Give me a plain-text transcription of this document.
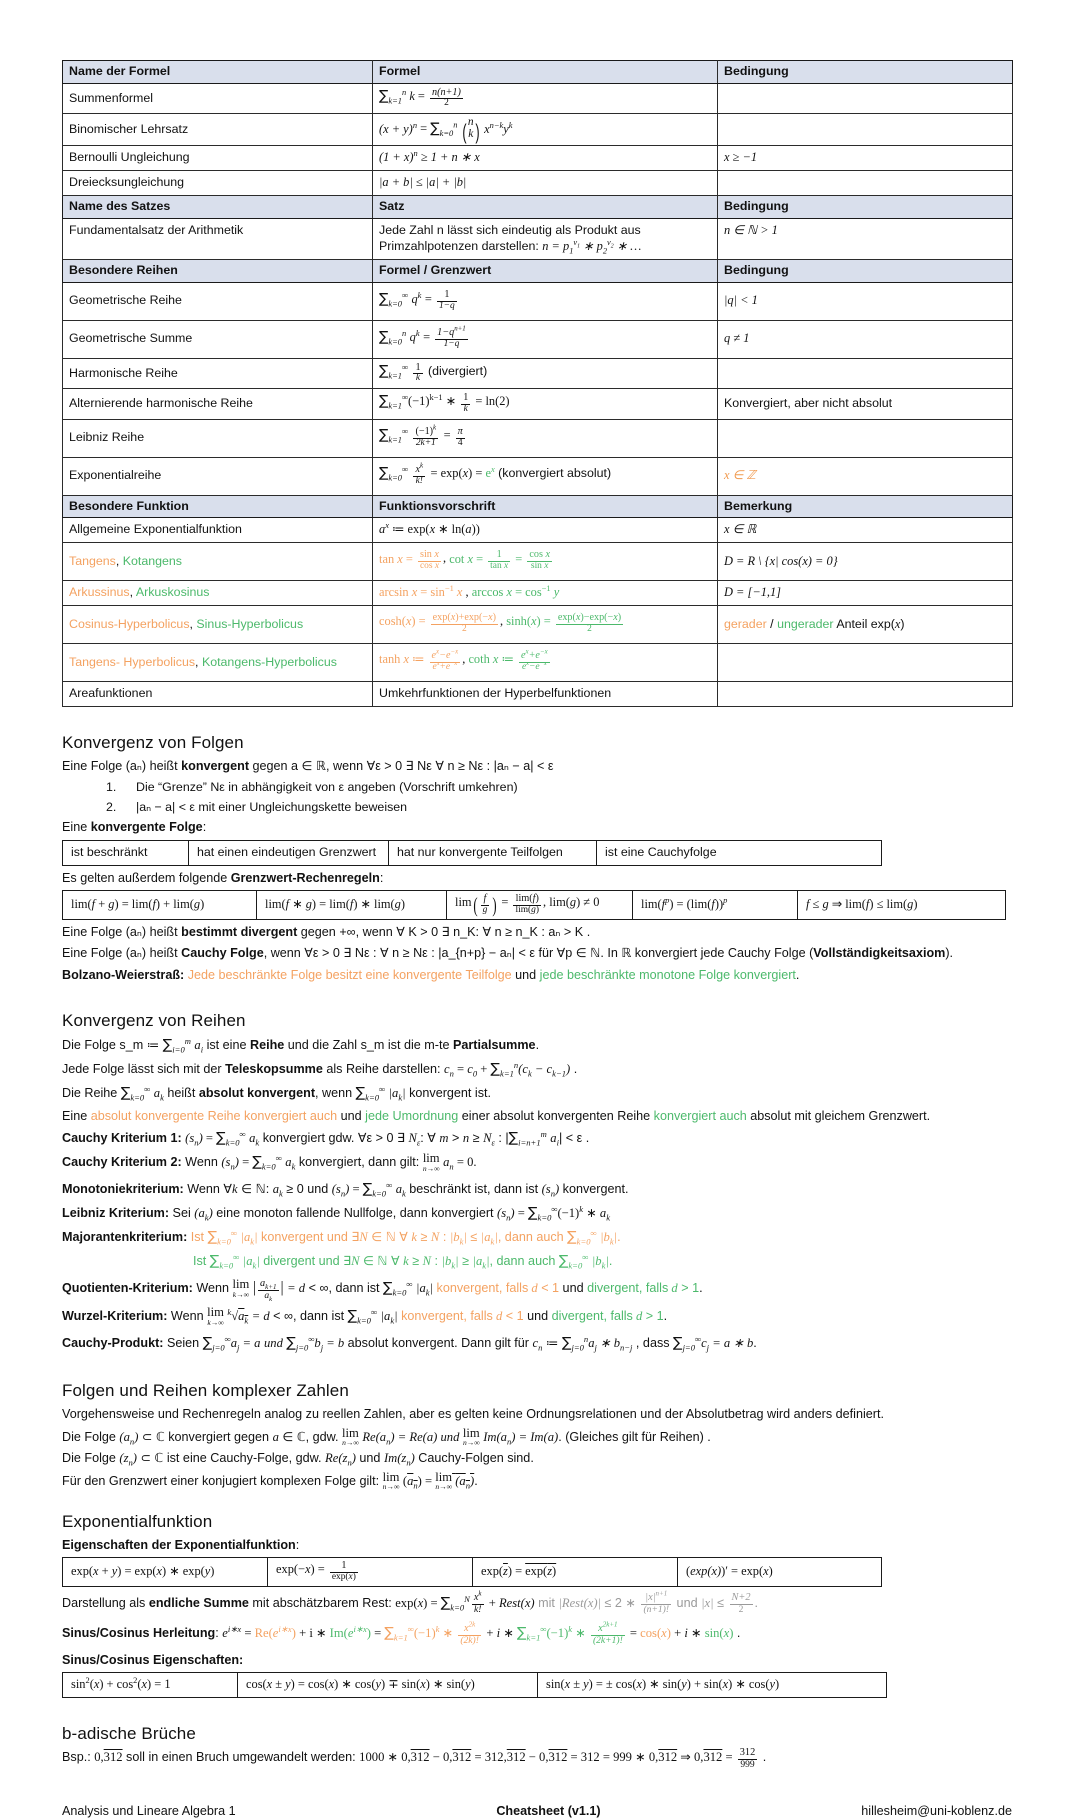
Name der Formel	Formel	Bedingung
Summenformel	$\sum_{k=1}^n$ $k = \frac{n(n+1)}{2}$

Binomischer Lehrsatz	$(x + y)^n = \sum_{k=0}^n$ ( n
k ) $x^{n-k}y^k$	
Bernoulli Ungleichung	$(1 + x)^n \ge 1 + n$ ∗ x	x ≥ −1
Dreiecksungleichung	|a + b| ≤ |a| + |b|	
Name des Satzes	Satz	Bedingung
Fundamentalsatz der Arithmetik	Jede Zahl n lässt sich eindeutig als Produkt aus
Primzahlpotenzen darstellen: $n = p_1^{v_1}$ ∗ $p_2^{v_2}$ ∗ …	n ∈ ℕ > 1
Besondere Reihen	Formel / Grenzwert	Bedingung
Geometrische Reihe	$\sum_{k=0}^\infty$ $q^k = \frac{1}{1-q}$	|q| < 1
Geometrische Summe	$\sum_{k=0}^n$ $q^k = \frac{1-q^{n+1}}{1-q}$	q ≠ 1
Harmonische Reihe	$\sum_{k=1}^\infty \frac{1}{k}$ (divergiert)	
Alternierende harmonische Reihe	$\sum_{k=1}^\infty(-1)^{k-1}$ ∗ $\frac{1}{k} = \ln(2)$	Konvergiert, aber nicht absolut
Leibniz Reihe	$\sum_{k=1}^\infty \frac{(-1)^k}{2k+1} = \frac{\pi}{4}$

Exponentialreihe	$\sum_{k=0}^\infty \frac{x^k}{k!} = \exp(x) = e^x$ (konvergiert absolut)	x ∈ ℤ
Besondere Funktion	Funktionsvorschrift	Bemerkung
Allgemeine Exponentialfunktion	$a^x$ ≔ exp(x ∗ ln(a))	x ∈ ℝ
Tangens, Kotangens	$\tan x = \frac{\text{sin x}}{\text{cos x}}$ , $\cot x = \frac{1}{\text{tan x}} = \frac{\text{cos x}}{\text{sin x}}$	D = R \ {x| cos(x) = 0}
Arkussinus, Arkuskosinus	$\arcsin x = \sin^{-1} x$ , $\arccos x = \cos^{-1} y$	D = [−1,1]
Cosinus-Hyperbolicus, Sinus-Hyperbolicus	$\cosh(x) = \frac{\exp(x)+\exp(-x)}{2}$ , $\sinh(x) = \frac{\exp(x)-\exp(-x)}{2}$	gerader / ungerader Anteil exp(x)
Tangens- Hyperbolicus, Kotangens-Hyperbolicus	tanh x ≔ $\frac{e^x-e^{-x}}{e^x+e^{-x}}$ , coth x ≔ $\frac{e^x+e^{-x}}{e^x-e^{-x}}$

Areafunktionen	Umkehrfunktionen der Hyperbelfunktionen	
Konvergenz von Folgen

Eine Folge (aₙ) heißt konvergent gegen a ∈ ℝ, wenn ∀ε > 0 ∃ Nε ∀ n ≥ Nε : |aₙ − a| < ε

Die “Grenze” Nε in abhängigkeit von ε angeben (Vorschrift umkehren)
|aₙ − a| < ε mit einer Ungleichungskette beweisen

Eine konvergente Folge:

ist beschränkt	hat einen eindeutigen Grenzwert	hat nur konvergente Teilfolgen	ist eine Cauchyfolge

Es gelten außerdem folgende Grenzwert-Rechenregeln:

lim(f + g) = lim(f) + lim(g)	lim(f ∗ g) = lim(f) ∗ lim(g)	$\lim( \frac{f}{g}$ ) = $\frac{\lim(f)}{\lim(g)}$ , lim(g) ≠ 0	$\lim(f^p) = (\lim(f))^p$	f ≤ g ⇒ lim(f) ≤ lim(g)

Eine Folge (aₙ) heißt bestimmt divergent gegen +∞, wenn ∀ K > 0 ∃ n_K: ∀ n ≥ n_K : aₙ > K .

Eine Folge (aₙ) heißt Cauchy Folge, wenn ∀ε > 0 ∃ Nε : ∀ n ≥ Nε : |a_{n+p} − aₙ| < ε für ∀p ∈ ℕ. In ℝ konvergiert jede Cauchy Folge (Vollständigkeitsaxiom).

Bolzano-Weierstraß: Jede beschränkte Folge besitzt eine konvergente Teilfolge und jede beschränkte monotone Folge konvergiert.

Konvergenz von Reihen

Die Folge s_m ≔ $\sum_{i=0}^m$ $a_i$ ist eine Reihe und die Zahl s_m ist die m-te Partialsumme.

Jede Folge lässt sich mit der Teleskopsumme als Reihe darstellen: $c_n = c_0 + \sum_{k=1}^n(c_k - c_{k-1})$ .

Die Reihe $\sum_{k=0}^\infty$ $a_k$ heißt absolut konvergent, wenn $\sum_{k=0}^\infty$ $|a_k|$ konvergent ist.

Eine absolut konvergente Reihe konvergiert auch und jede Umordnung einer absolut konvergenten Reihe konvergiert auch absolut mit gleichem Grenzwert.

Cauchy Kriterium 1: $(s_n) = \sum_{k=0}^\infty$ $a_k$ konvergiert gdw. ∀ε > 0 ∃ $N_\varepsilon$: ∀ $m > n \ge N_\varepsilon$ : $|\sum_{i=n+1}^m$ $a_i| < \varepsilon$ .

Cauchy Kriterium 2: Wenn $(s_n) = \sum_{k=0}^\infty$ $a_k$ konvergiert, dann gilt: lim
n→∞ $a_n = 0$.

Monotoniekriterium: Wenn ∀k ∈ ℕ: $a_k \ge 0$ und $(s_n) = \sum_{k=0}^\infty$ $a_k$ beschränkt ist, dann ist $(s_n)$ konvergent.

Leibniz Kriterium: Sei $(a_k)$ eine monoton fallende Nullfolge, dann konvergiert $(s_n) = \sum_{k=0}^\infty(-1)^k$ ∗ $a_k$

Majorantenkriterium: Ist $\sum_{k=0}^\infty$ $|a_k|$ konvergent und ∃N ∈ ℕ ∀ k ≥ N : $|b_k| \le |a_k|$, dann auch $\sum_{k=0}^\infty$ $|b_k|$.

Ist $\sum_{k=0}^\infty$ $|a_k|$ divergent und ∃N ∈ ℕ ∀ k ≥ N : $|b_k| \ge |a_k|$, dann auch $\sum_{k=0}^\infty$ $|b_k|$.

Quotienten-Kriterium: Wenn lim
k→∞ | $\frac{a_{k+1}}{a_k}$ | = d < ∞, dann ist $\sum_{k=0}^\infty$ $|a_k|$ konvergent, falls d < 1 und divergent, falls d > 1.

Wurzel-Kriterium: Wenn lim
k→∞
$^k√a_k = d$ < ∞, dann ist $\sum_{k=0}^\infty$ $|a_k|$ konvergent, falls d < 1 und divergent, falls d > 1.

Cauchy-Produkt: Seien $\sum_{j=0}^\infty a_j = a$ und $\sum_{j=0}^\infty b_j = b$ absolut konvergent. Dann gilt für $c_n$ ≔ $\sum_{j=0}^na_j$ ∗ $b_{n-j}$ , dass $\sum_{j=0}^\infty c_j = a$ ∗ b.

Folgen und Reihen komplexer Zahlen

Vorgehensweise und Rechenregeln analog zu reellen Zahlen, aber es gelten keine Ordnungsrelationen und der Absolutbetrag wird anders definiert.

Die Folge $(a_n)$ ⊂ ℂ konvergiert gegen a ∈ ℂ, gdw. lim
n→∞ $Re(a_n) = Re(a)$ und lim
n→∞ $Im(a_n) = Im(a)$. (Gleiches gilt für Reihen) .

Die Folge $(z_n)$ ⊂ ℂ ist eine Cauchy-Folge, gdw. $Re(z_n)$ und $Im(z_n)$ Cauchy-Folgen sind.

Für den Grenzwert einer konjugiert komplexen Folge gilt: lim
n→∞ $(a_n) = \lim$
n→∞ $(a_n)$.

Exponentialfunktion

Eigenschaften der Exponentialfunktion:

exp(x + y) = exp(x) ∗ exp(y)	$\exp(-x) = \frac{1}{\exp(x)}$	$\exp(\overline{z}) = \exp(z)$	(exp(x))′ = exp(x)

Darstellung als endliche Summe mit abschätzbarem Rest: $\exp(x) = \sum_{k=0}^N \frac{x^k}{k!}$ + Rest(x) mit |Rest(x)| ≤ 2 ∗ $\frac{|x|^{n+1}}{(n+1)!}$ und $|x| \le \frac{N+2}{2}$ .

Sinus/Cosinus Herleitung: $e^{i∗x} = Re(e^{i∗x}) + i$ ∗ $Im(e^{i∗x}) = \sum_{k=1}^\infty(-1)^k$ ∗ $\frac{x^{2k}}{(2k)!} + i$ ∗ $\sum_{k=1}^\infty(-1)^k$ ∗ $\frac{x^{2k+1}}{(2k+1)!} = \cos(x) + i$ ∗ sin(x) .

Sinus/Cosinus Eigenschaften:

$\sin^2(x) + \cos^2(x) = 1$	cos(x ± y) = cos(x) ∗ cos(y) ∓ sin(x) ∗ sin(y)	sin(x ± y) = ± cos(x) ∗ sin(y) + sin(x) ∗ cos(y)
b-adische Brüche

Bsp.: 0,312 soll in einen Bruch umgewandelt werden: 1000 ∗ 0,312 − 0,312 = 312,312 − 0,312 = 312 = 999 ∗ 0,312 ⇒ $0,312 = \frac{312}{999}$ .

Analysis und Lineare Algebra 1	Cheatsheet (v1.1)	hillesheim@uni-koblenz.de
